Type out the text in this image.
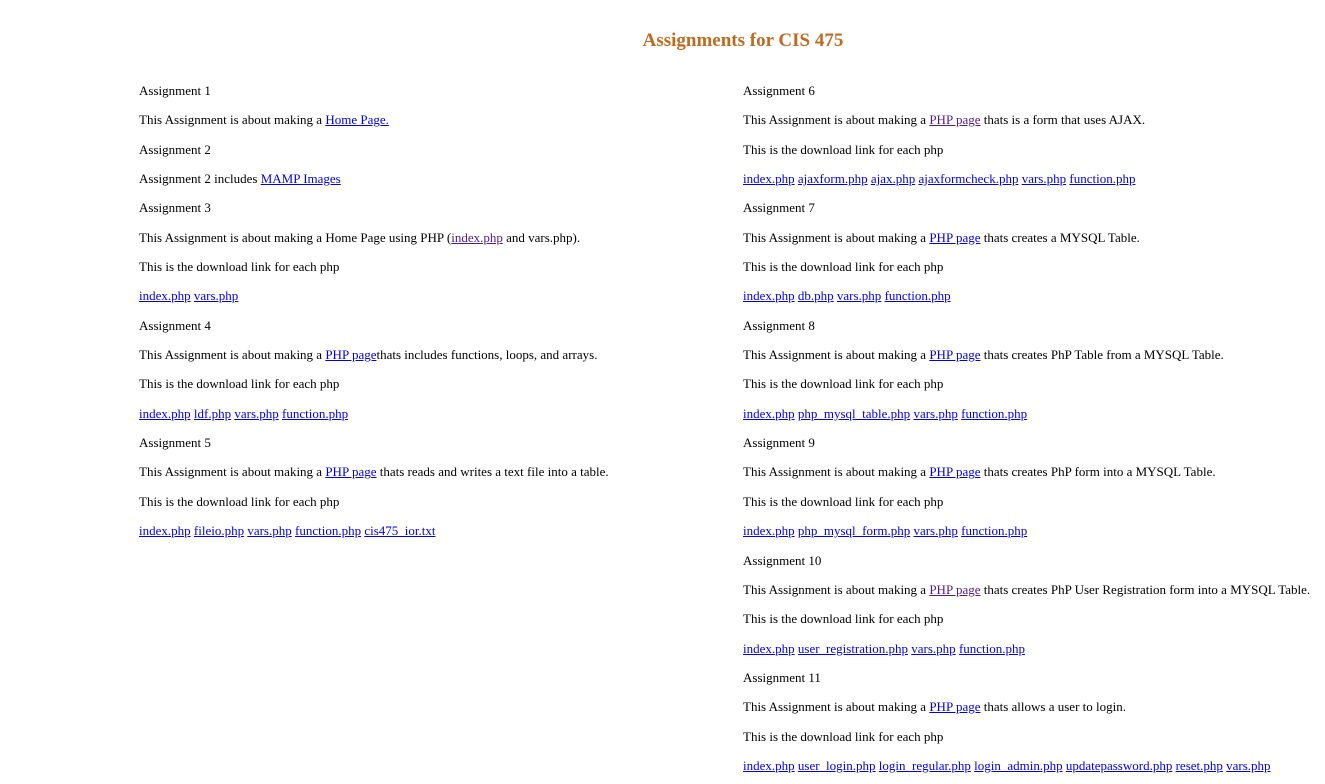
Assignments for CIS 475
Assignment 1
This Assignment is about making a Home Page.
Assignment 2
Assignment 2 includes MAMP Images
Assignment 3
This Assignment is about making a Home Page using PHP (index.php and vars.php).
This is the download link for each php
index.php vars.php
Assignment 4
This Assignment is about making a PHP pagethats includes functions, loops, and arrays.
This is the download link for each php
index.php ldf.php vars.php function.php
Assignment 5
This Assignment is about making a PHP page thats reads and writes a text file into a table.
This is the download link for each php
index.php fileio.php vars.php function.php cis475_ior.txt
Assignment 6
This Assignment is about making a PHP page thats is a form that uses AJAX.
This is the download link for each php
index.php ajaxform.php ajax.php ajaxformcheck.php vars.php function.php
Assignment 7
This Assignment is about making a PHP page thats creates a MYSQL Table.
This is the download link for each php
index.php db.php vars.php function.php
Assignment 8
This Assignment is about making a PHP page thats creates PhP Table from a MYSQL Table.
This is the download link for each php
index.php php_mysql_table.php vars.php function.php
Assignment 9
This Assignment is about making a PHP page thats creates PhP form into a MYSQL Table.
This is the download link for each php
index.php php_mysql_form.php vars.php function.php
Assignment 10
This Assignment is about making a PHP page thats creates PhP User Registration form into a MYSQL Table.
This is the download link for each php
index.php user_registration.php vars.php function.php
Assignment 11
This Assignment is about making a PHP page thats allows a user to login.
This is the download link for each php
index.php user_login.php login_regular.php login_admin.php updatepassword.php reset.php vars.php
